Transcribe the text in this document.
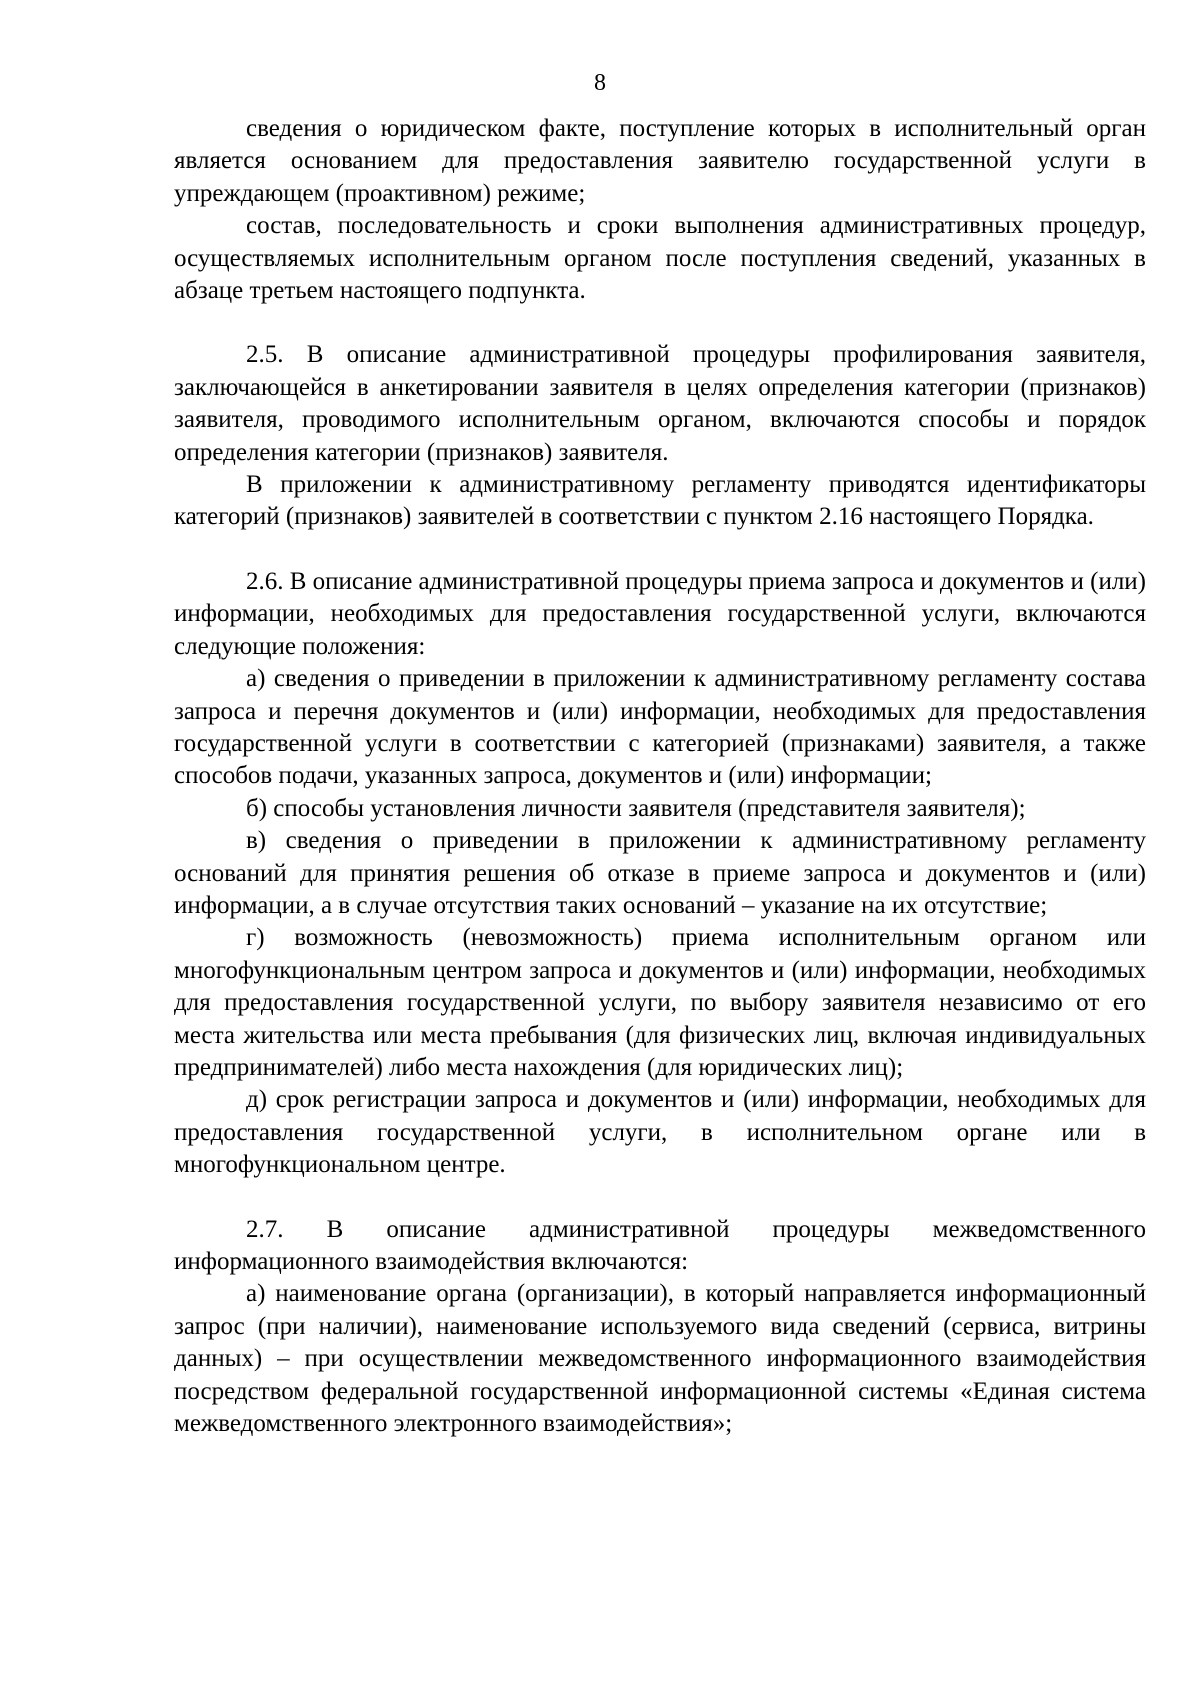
8

сведения о юридическом факте, поступление которых в исполнительный орган является основанием для предоставления заявителю государственной услуги в упреждающем (проактивном) режиме;

состав, последовательность и сроки выполнения административных процедур, осуществляемых исполнительным органом после поступления сведений, указанных в абзаце третьем настоящего подпункта.

2.5. В описание административной процедуры профилирования заявителя, заключающейся в анкетировании заявителя в целях определения категории (признаков) заявителя, проводимого исполнительным органом, включаются способы и порядок определения категории (признаков) заявителя.

В приложении к административному регламенту приводятся идентификаторы категорий (признаков) заявителей в соответствии с пунктом 2.16 настоящего Порядка.

2.6. В описание административной процедуры приема запроса и документов и (или) информации, необходимых для предоставления государственной услуги, включаются следующие положения:

а) сведения о приведении в приложении к административному регламенту состава запроса и перечня документов и (или) информации, необходимых для предоставления государственной услуги в соответствии с категорией (признаками) заявителя, а также способов подачи, указанных запроса, документов и (или) информации;

б) способы установления личности заявителя (представителя заявителя);

в) сведения о приведении в приложении к административному регламенту оснований для принятия решения об отказе в приеме запроса и документов и (или) информации, а в случае отсутствия таких оснований – указание на их отсутствие;

г) возможность (невозможность) приема исполнительным органом или многофункциональным центром запроса и документов и (или) информации, необходимых для предоставления государственной услуги, по выбору заявителя независимо от его места жительства или места пребывания (для физических лиц, включая индивидуальных предпринимателей) либо места нахождения (для юридических лиц);

д) срок регистрации запроса и документов и (или) информации, необходимых для предоставления государственной услуги, в исполнительном органе или в многофункциональном центре.

2.7. В описание административной процедуры межведомственного информационного взаимодействия включаются:

а) наименование органа (организации), в который направляется информационный запрос (при наличии), наименование используемого вида сведений (сервиса, витрины данных) – при осуществлении межведомственного информационного взаимодействия посредством федеральной государственной информационной системы «Единая система межведомственного электронного взаимодействия»;
